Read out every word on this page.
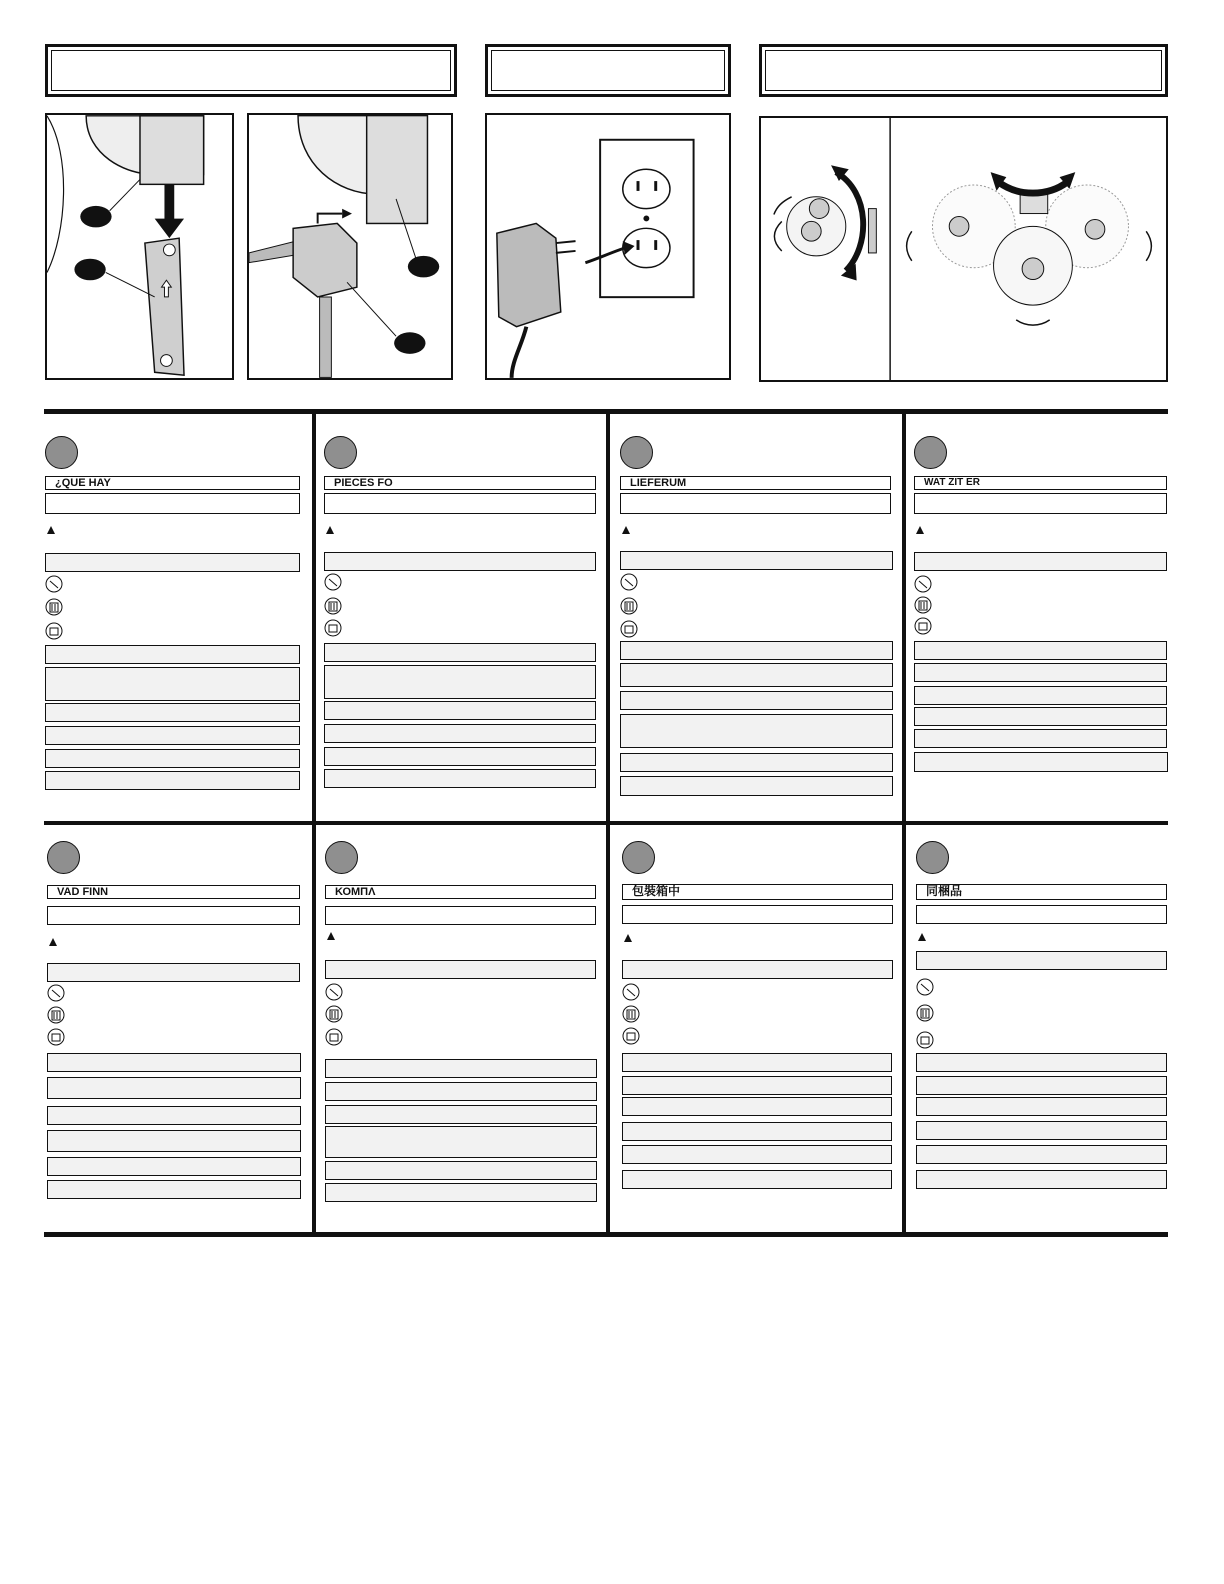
¿QUE HAY	PIECES FO	LIEFERUM	WAT ZIT ER
VAD FINN	ΚΟΜΠΛ	包裝箱中	同梱品
